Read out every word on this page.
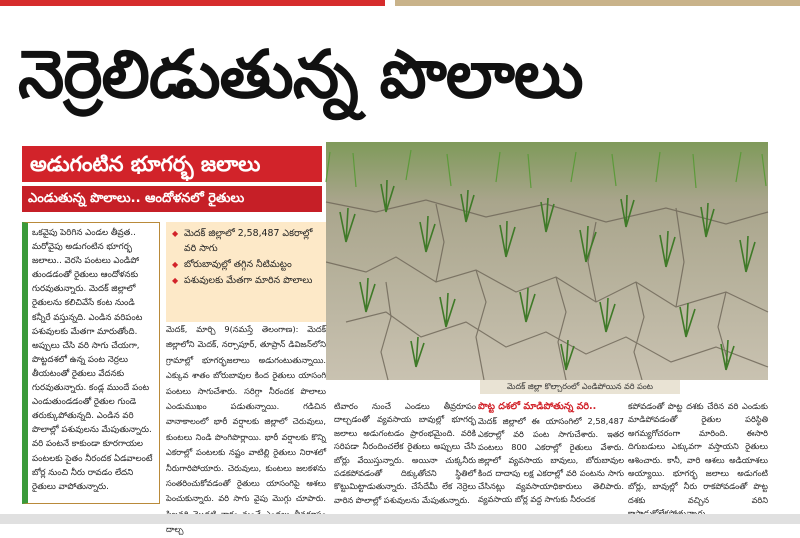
నెర్రెలిడుతున్న పొలాలు
అడుగంటిన భూగర్భ జలాలు
ఎండుతున్న పొలాలు.. ఆందోళనలో రైతులు
మెదక్‌ జిల్లా కొల్చారంలో ఎండిపోయిన వరి పంట

ఒకవైపు పెరిగిన ఎండల తీవ్రత.. మరోవైపు అడుగంటిన భూగర్భ జలాలు.. వెరసి పంటలు ఎండిపో తుండడంతో రైతులు ఆందోళనకు గురవుతున్నారు. మెదక్‌ జిల్లాలో రైతులను కలిచివేసే కంట నుండి కన్నీరే వస్తున్నది. ఎండిన వరిపంట పశువులకు మేతగా మారుతోంది. అప్పులు చేసి వరి సాగు చేయగా, పొట్టదశలో ఉన్న పంట నెర్రలు తీయటంతో రైతులు వేదనకు గురవుతున్నారు. కండ్ల ముందే పంట ఎండుతుండడంతో రైతుల గుండె తరుక్కుపోతున్నది. ఎండిన వరి పొలాల్లో పశువులను మేపుతున్నారు. వరి పంటనే కాకుండా కూరగాయల పంటలకు సైతం నీరందక ఏడవాలంటే బోర్ల నుంచి నీరు రావడం లేదని రైతులు వాపోతున్నారు.

◆ మెదక్‌ జిల్లాలో 2,58,487 ఎకరాల్లో వరి సాగు
◆ బోరుబావుల్లో తగ్గిన నీటిమట్టం
◆ పశువులకు మేతగా మారిన పొలాలు

మెదక్‌, మార్చి 9(నమస్తే తెలంగాణ): మెదక్‌ జిల్లాలోని మెదక్‌, నర్సాపూర్‌, తూప్రాన్‌ డివిజన్‌లోని గ్రామాల్లో భూగర్భజలాలు అడుగంటుతున్నాయి. ఎక్కువ శాతం బోరుబావుల కింద రైతులు యాసంగి పంటలు సాగుచేశారు. సరిగ్గా నీరందక పొలాలు ఎండుముఖం పడుతున్నాయి. గడిచిన వానాకాలంలో భారీ వర్షాలకు జిల్లాలో చెరువులు, కుంటలు నిండి పొంగిపొర్లాయి. భారీ వర్షాలకు కొన్ని ఎకరాల్లో పంటలకు నష్టం వాటిల్లి రైతులు నిరాశలో నీరుగారిపోయారు. చెరువులు, కుంటలు జలకళను సంతరించుకోవడంతో రైతులు యాసంగిపై ఆశలు పెంచుకున్నారు. వరి సాగు వైపు మొగ్గు చూపారు. దాల్చ

టివారం నుంచే ఎండలు తీవ్రరూపం దాల్చడంతో వ్యవసాయ బావుల్లో భూగర్భ జలాలు అడుగంటడం ప్రారంభమైంది. వరికి సరిపడా నీరందించలేక రైతులు అప్పులు చేసి బోర్లు వేయిస్తున్నారు. అయినా చుక్కనీరు పడకపోవడంతో దిక్కుతోచని స్థితిలో కొట్టుమిట్టాడుతున్నారు. చేసేదేమీ లేక నెర్రెలు వారిన పొలాల్లో పశువులను మేపుతున్నారు.

పొట్ట దశలో మాడిపోతున్న వరి..

మెదక్‌ జిల్లాలో ఈ యాసంగిలో 2,58,487 ఎకరాల్లో వరి పంట సాగుచేశారు. ఇతర పంటలు 800 ఎకరాల్లో రైతులు వేశారు. జిల్లాలో వ్యవసాయ బావులు, బోరుబావుల కింద దాదాపు లక్ష ఎకరాల్లో వరి పంటను సాగు చేసినట్లు వ్యవసాయాధికారులు తెలిపారు. వ్యవసాయ బోర్ల వద్ద సాగుకు నీరందక

కపోవడంతో పొట్ట దశకు చేరిన వరి ఎండుకు మాడిపోవడంతో రైతుల పరిస్థితి అగమ్యగోచరంగా మారింది. ఈసారి దిగుబడులు ఎక్కువగా వస్తాయని రైతులు ఆశించారు. కానీ, వారి ఆశలు అడియాశలు అయ్యాయి. భూగర్భ జలాలు అడుగంటి బోర్లు, బావుల్లో నీరు రాకపోవడంతో పొట్ట దశకు వచ్చిన వరిని
